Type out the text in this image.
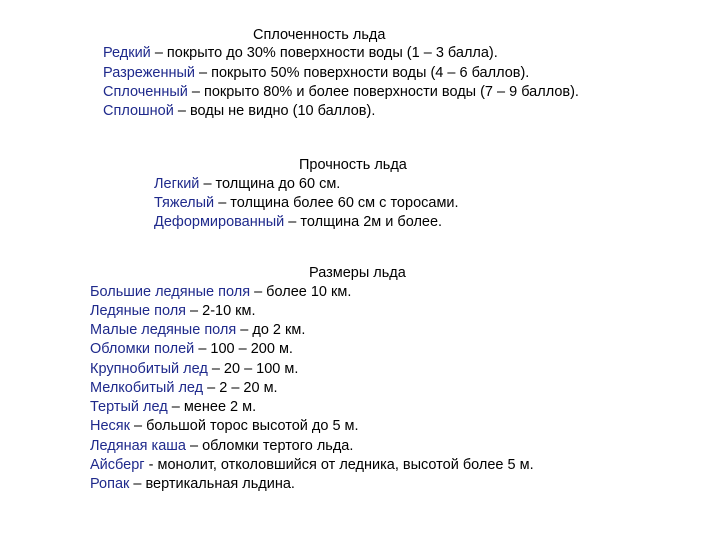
Сплоченность льда
Редкий – покрыто до 30% поверхности воды (1 – 3 балла).
Разреженный – покрыто 50% поверхности воды (4 – 6 баллов).
Сплоченный – покрыто 80% и более поверхности воды (7 – 9 баллов).
Сплошной – воды не видно (10 баллов).
Прочность льда
Легкий – толщина до 60 см.
Тяжелый – толщина более 60 см с торосами.
Деформированный – толщина 2м и более.
Размеры льда
Большие ледяные поля – более 10 км.
Ледяные поля – 2-10 км.
Малые ледяные поля – до 2 км.
Обломки полей – 100 – 200 м.
Крупнобитый лед – 20 – 100 м.
Мелкобитый лед – 2 – 20 м.
Тертый лед – менее 2 м.
Несяк – большой торос высотой до 5 м.
Ледяная каша – обломки тертого льда.
Айсберг - монолит, отколовшийся от ледника, высотой более 5 м.
Ропак – вертикальная льдина.
